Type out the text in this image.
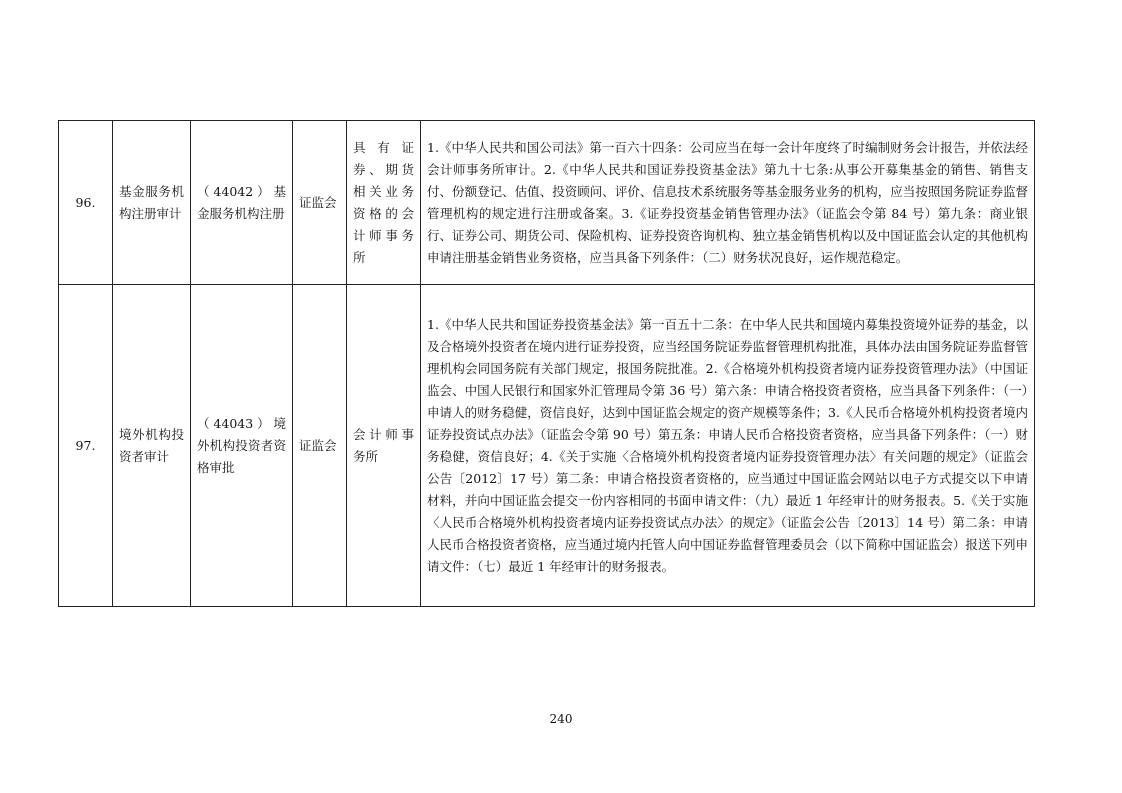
96.	基金服务机构注册审计	（44042）基金服务机构注册	证监会	具有证券、期货相关业务资格的会计师事务所	1.《中华人民共和国公司法》第一百六十四条：公司应当在每一会计年度终了时编制财务会计报告，并依法经会计师事务所审计。2.《中华人民共和国证券投资基金法》第九十七条:从事公开募集基金的销售、销售支付、份额登记、估值、投资顾问、评价、信息技术系统服务等基金服务业务的机构，应当按照国务院证券监督管理机构的规定进行注册或备案。3.《证券投资基金销售管理办法》（证监会令第 84 号）第九条：商业银行、证券公司、期货公司、保险机构、证券投资咨询机构、独立基金销售机构以及中国证监会认定的其他机构申请注册基金销售业务资格，应当具备下列条件：（二）财务状况良好，运作规范稳定。
97.	境外机构投资者审计	（44043）境外机构投资者资格审批	证监会	会计师事务所	1.《中华人民共和国证券投资基金法》第一百五十二条：在中华人民共和国境内募集投资境外证券的基金，以及合格境外投资者在境内进行证券投资，应当经国务院证券监督管理机构批准，具体办法由国务院证券监督管理机构会同国务院有关部门规定，报国务院批准。2.《合格境外机构投资者境内证券投资管理办法》（中国证监会、中国人民银行和国家外汇管理局令第 36 号）第六条：申请合格投资者资格，应当具备下列条件：（一）申请人的财务稳健，资信良好，达到中国证监会规定的资产规模等条件；3.《人民币合格境外机构投资者境内证券投资试点办法》（证监会令第 90 号）第五条：申请人民币合格投资者资格，应当具备下列条件：（一）财务稳健，资信良好；4.《关于实施〈合格境外机构投资者境内证券投资管理办法〉有关问题的规定》（证监会公告〔2012〕17 号）第二条：申请合格投资者资格的，应当通过中国证监会网站以电子方式提交以下申请材料，并向中国证监会提交一份内容相同的书面申请文件：（九）最近 1 年经审计的财务报表。5.《关于实施〈人民币合格境外机构投资者境内证券投资试点办法〉的规定》（证监会公告〔2013〕14 号）第二条：申请人民币合格投资者资格，应当通过境内托管人向中国证券监督管理委员会（以下简称中国证监会）报送下列申请文件：（七）最近 1 年经审计的财务报表。
240
